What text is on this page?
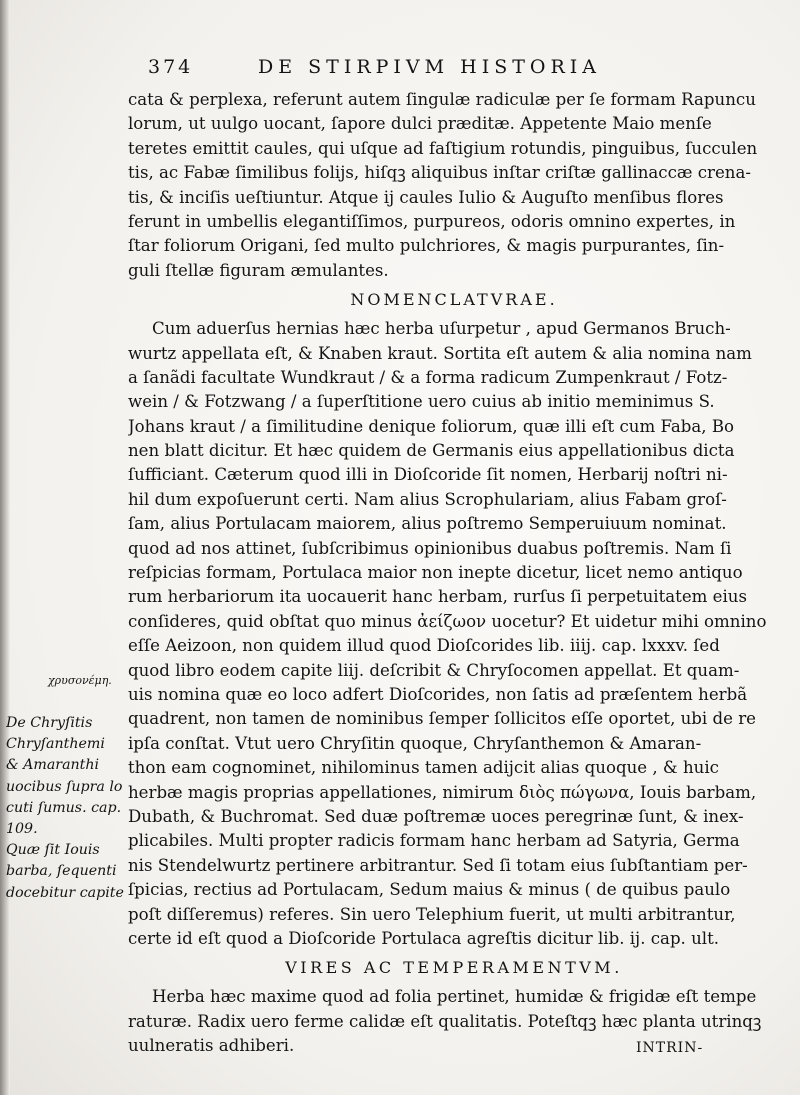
374	DE STIRPIVM HISTORIA
χρυσονέμη.
De Chryſitis
Chryſanthemi
& Amaranthi
uocibus ſupra lo
cuti ſumus. cap.
109.
Quæ ſit Iouis
barba, ſequenti
docebitur capite
cata & perplexa, referunt autem ſingulæ radiculæ per ſe formam Rapuncu
lorum, ut uulgo uocant, ſapore dulci præditæ. Appetente Maio menſe
teretes emittit caules, qui uſque ad faſtigium rotundis, pinguibus, ſucculen
tis, ac Fabæ ſimilibus folijs, hiſqꝫ aliquibus inſtar criſtæ gallinaccæ crena-
tis, & inciſis ueſtiuntur. Atque ij caules Iulio & Auguſto menſibus flores
ferunt in umbellis elegantiſſimos, purpureos, odoris omnino expertes, in
ſtar foliorum Origani, ſed multo pulchriores, & magis purpurantes, ſin-
guli ſtellæ figuram æmulantes.
NOMENCLATVRAE.
Cum aduerſus hernias hæc herba uſurpetur , apud Germanos Bruch-
wurtz appellata eſt, & Knaben kraut. Sortita eſt autem & alia nomina nam
a ſanãdi facultate Wundkraut / & a forma radicum Zumpenkraut / Fotz-
wein / & Fotzwang / a ſuperſtitione uero cuius ab initio meminimus S.
Johans kraut / a ſimilitudine denique foliorum, quæ illi eſt cum Faba, Bo
nen blatt dicitur. Et hæc quidem de Germanis eius appellationibus dicta
ſufficiant. Cæterum quod illi in Dioſcoride ſit nomen, Herbarij noſtri ni-
hil dum expoſuerunt certi. Nam alius Scrophulariam, alius Fabam groſ-
ſam, alius Portulacam maiorem, alius poſtremo Semperuiuum nominat.
quod ad nos attinet, ſubſcribimus opinionibus duabus poſtremis. Nam ſi
reſpicias formam, Portulaca maior non inepte dicetur, licet nemo antiquo
rum herbariorum ita uocauerit hanc herbam, rurſus ſi perpetuitatem eius
conſideres, quid obſtat quo minus ἀείζωον uocetur? Et uidetur mihi omnino
eſſe Aeizoon, non quidem illud quod Dioſcorides lib. iiij. cap. lxxxv. ſed
quod libro eodem capite liij. deſcribit & Chryſocomen appellat. Et quam-
uis nomina quæ eo loco adfert Dioſcorides, non ſatis ad præſentem herbã
quadrent, non tamen de nominibus ſemper ſollicitos eſſe oportet, ubi de re
ipſa conſtat. Vtut uero Chryſitin quoque, Chryſanthemon & Amaran-
thon eam cognominet, nihilominus tamen adijcit alias quoque , & huic
herbæ magis proprias appellationes, nimirum διὸς πώγωνα, Iouis barbam,
Dubath, & Buchromat. Sed duæ poſtremæ uoces peregrinæ ſunt, & inex-
plicabiles. Multi propter radicis formam hanc herbam ad Satyria, Germa
nis Stendelwurtz pertinere arbitrantur. Sed ſi totam eius ſubſtantiam per-
ſpicias, rectius ad Portulacam, Sedum maius & minus ( de quibus paulo
poſt diſſeremus) referes. Sin uero Telephium fuerit, ut multi arbitrantur,
certe id eſt quod a Dioſcoride Portulaca agreſtis dicitur lib. ij. cap. ult.
VIRES AC TEMPERAMENTVM.
Herba hæc maxime quod ad folia pertinet, humidæ & frigidæ eſt tempe
raturæ. Radix uero ferme calidæ eſt qualitatis. Poteſtqꝫ hæc planta utrinqꝫ
uulneratis adhiberi.	INTRIN-
